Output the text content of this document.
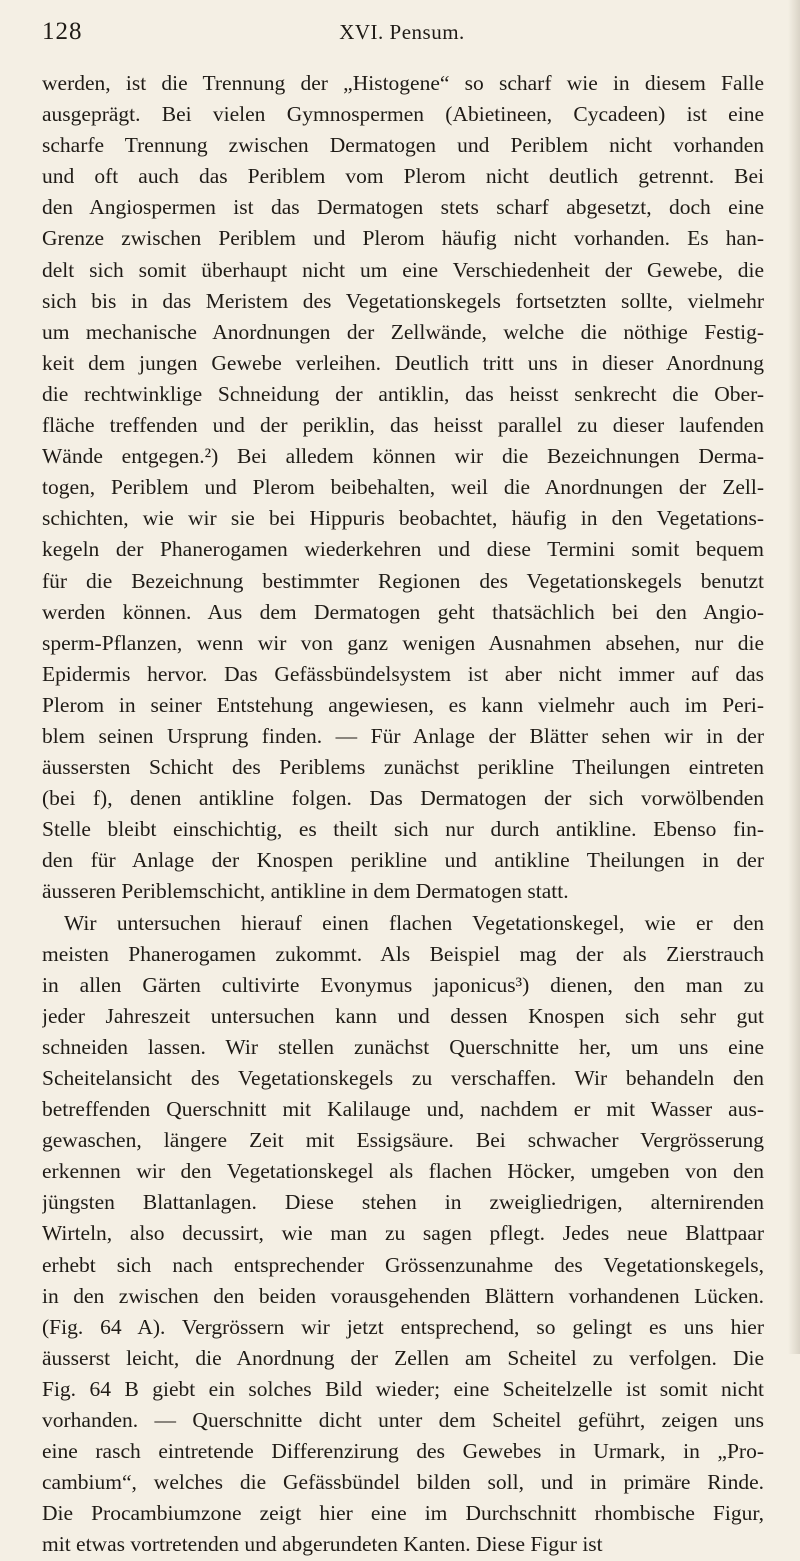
128	XVI. Pensum.
werden, ist die Trennung der „Histogene“ so scharf wie in diesem Falle
ausgeprägt. Bei vielen Gymnospermen (Abietineen, Cycadeen) ist eine
scharfe Trennung zwischen Dermatogen und Periblem nicht vorhanden
und oft auch das Periblem vom Plerom nicht deutlich getrennt. Bei
den Angiospermen ist das Dermatogen stets scharf abgesetzt, doch eine
Grenze zwischen Periblem und Plerom häufig nicht vorhanden. Es han-
delt sich somit überhaupt nicht um eine Verschiedenheit der Gewebe, die
sich bis in das Meristem des Vegetationskegels fortsetzten sollte, vielmehr
um mechanische Anordnungen der Zellwände, welche die nöthige Festig-
keit dem jungen Gewebe verleihen. Deutlich tritt uns in dieser Anordnung
die rechtwinklige Schneidung der antiklin, das heisst senkrecht die Ober-
fläche treffenden und der periklin, das heisst parallel zu dieser laufenden
Wände entgegen.²) Bei alledem können wir die Bezeichnungen Derma-
togen, Periblem und Plerom beibehalten, weil die Anordnungen der Zell-
schichten, wie wir sie bei Hippuris beobachtet, häufig in den Vegetations-
kegeln der Phanerogamen wiederkehren und diese Termini somit bequem
für die Bezeichnung bestimmter Regionen des Vegetationskegels benutzt
werden können. Aus dem Dermatogen geht thatsächlich bei den Angio-
sperm-Pflanzen, wenn wir von ganz wenigen Ausnahmen absehen, nur die
Epidermis hervor. Das Gefässbündelsystem ist aber nicht immer auf das
Plerom in seiner Entstehung angewiesen, es kann vielmehr auch im Peri-
blem seinen Ursprung finden. — Für Anlage der Blätter sehen wir in der
äussersten Schicht des Periblems zunächst perikline Theilungen eintreten
(bei f), denen antikline folgen. Das Dermatogen der sich vorwölbenden
Stelle bleibt einschichtig, es theilt sich nur durch antikline. Ebenso fin-
den für Anlage der Knospen perikline und antikline Theilungen in der
äusseren Periblemschicht, antikline in dem Dermatogen statt.
Wir untersuchen hierauf einen flachen Vegetationskegel, wie er den
meisten Phanerogamen zukommt. Als Beispiel mag der als Zierstrauch
in allen Gärten cultivirte Evonymus japonicus³) dienen, den man zu
jeder Jahreszeit untersuchen kann und dessen Knospen sich sehr gut
schneiden lassen. Wir stellen zunächst Querschnitte her, um uns eine
Scheitelansicht des Vegetationskegels zu verschaffen. Wir behandeln den
betreffenden Querschnitt mit Kalilauge und, nachdem er mit Wasser aus-
gewaschen, längere Zeit mit Essigsäure. Bei schwacher Vergrösserung
erkennen wir den Vegetationskegel als flachen Höcker, umgeben von den
jüngsten Blattanlagen. Diese stehen in zweigliedrigen, alternirenden
Wirteln, also decussirt, wie man zu sagen pflegt. Jedes neue Blattpaar
erhebt sich nach entsprechender Grössenzunahme des Vegetationskegels,
in den zwischen den beiden vorausgehenden Blättern vorhandenen Lücken.
(Fig. 64 A). Vergrössern wir jetzt entsprechend, so gelingt es uns hier
äusserst leicht, die Anordnung der Zellen am Scheitel zu verfolgen. Die
Fig. 64 B giebt ein solches Bild wieder; eine Scheitelzelle ist somit nicht
vorhanden. — Querschnitte dicht unter dem Scheitel geführt, zeigen uns
eine rasch eintretende Differenzirung des Gewebes in Urmark, in „Pro-
cambium“, welches die Gefässbündel bilden soll, und in primäre Rinde.
Die Procambiumzone zeigt hier eine im Durchschnitt rhombische Figur,
mit etwas vortretenden und abgerundeten Kanten. Diese Figur ist
